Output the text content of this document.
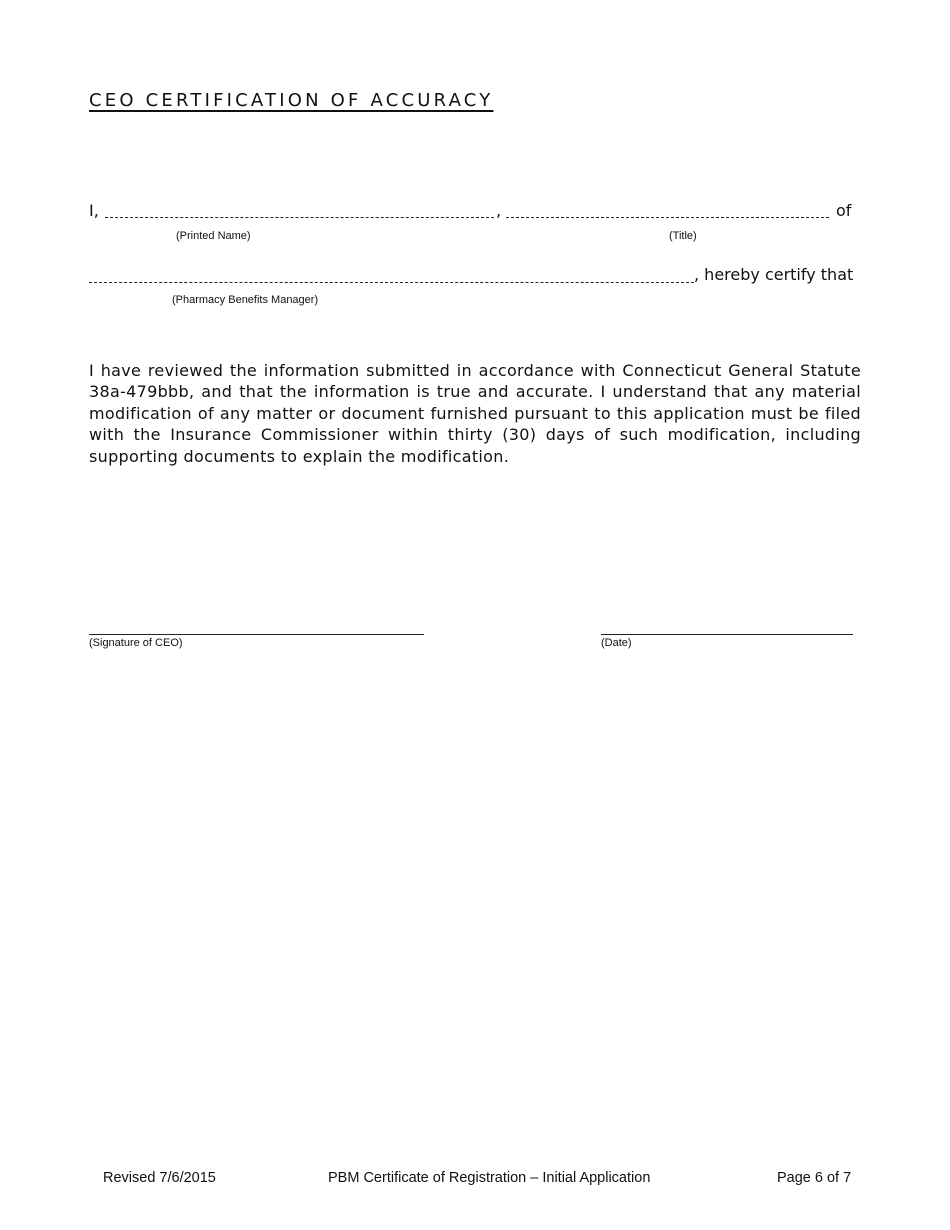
CEO CERTIFICATION OF ACCURACY
I,	,	of
(Printed Name)	(Title)
, hereby certify that
(Pharmacy Benefits Manager)

I have reviewed the information submitted in accordance with Connecticut General Statute 38a-479bbb, and that the information is true and accurate. I understand that any material modification of any matter or document furnished pursuant to this application must be filed with the Insurance Commissioner within thirty (30) days of such modification, including supporting documents to explain the modification.

(Signature of CEO)	(Date)
Revised 7/6/2015	PBM Certificate of Registration – Initial Application	Page 6 of 7
